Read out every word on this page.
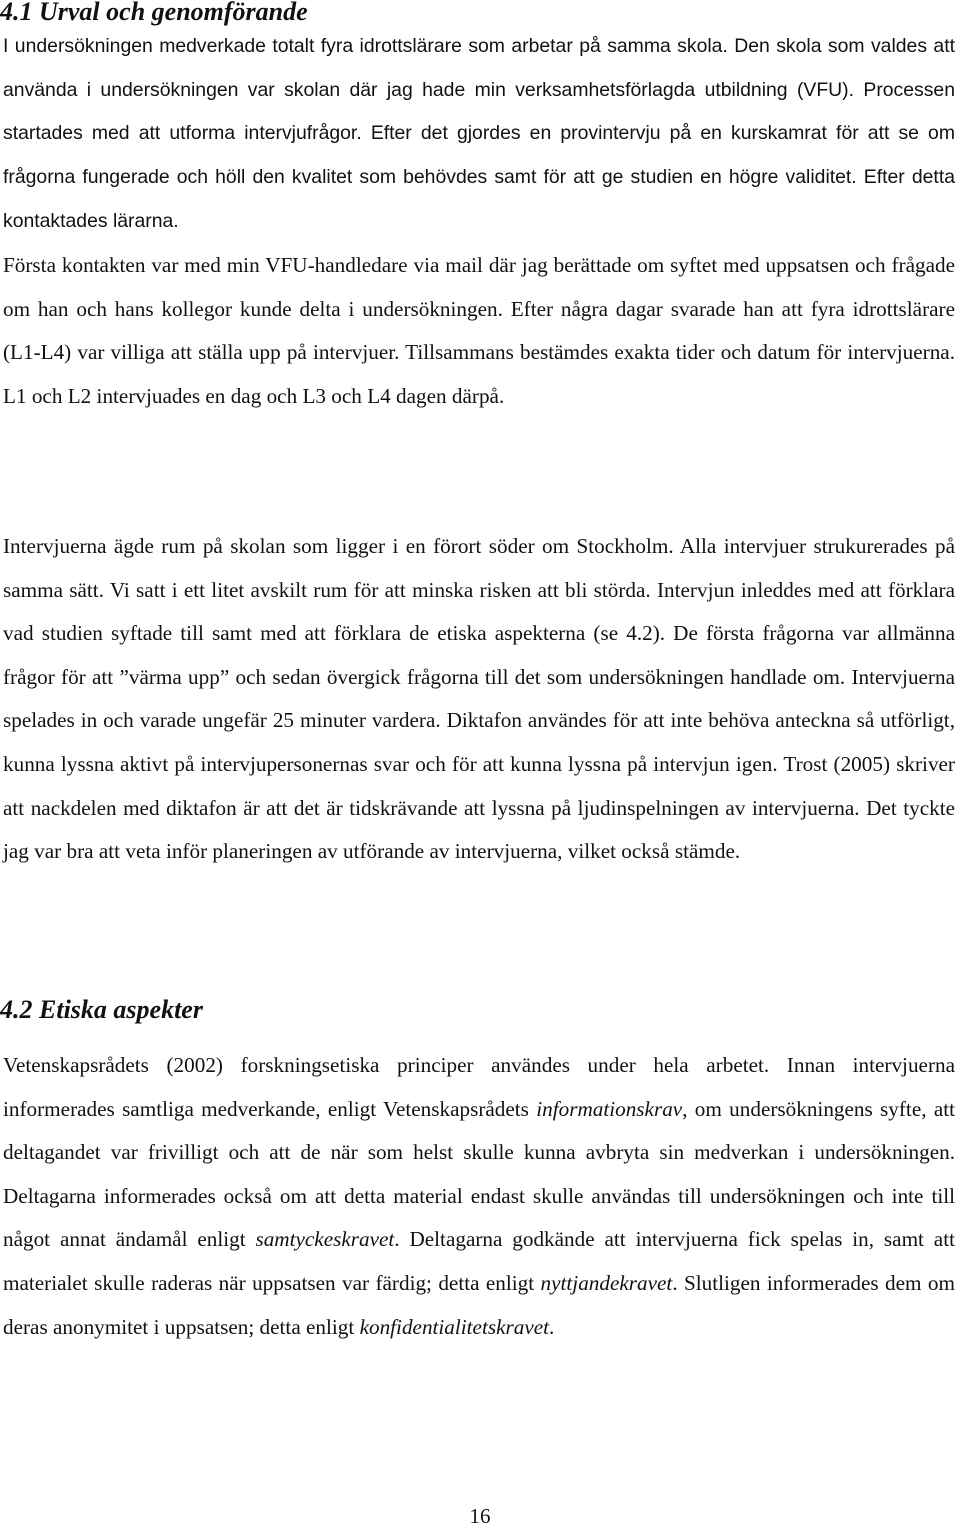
4.1 Urval och genomförande

I undersökningen medverkade totalt fyra idrottslärare som arbetar på samma skola. Den skola som valdes att använda i undersökningen var skolan där jag hade min verksamhetsförlagda utbildning (VFU). Processen startades med att utforma intervjufrågor. Efter det gjordes en provintervju på en kurskamrat för att se om frågorna fungerade och höll den kvalitet som behövdes samt för att ge studien en högre validitet. Efter detta kontaktades lärarna.

Första kontakten var med min VFU-handledare via mail där jag berättade om syftet med uppsatsen och frågade om han och hans kollegor kunde delta i undersökningen. Efter några dagar svarade han att fyra idrottslärare (L1-L4) var villiga att ställa upp på intervjuer. Tillsammans bestämdes exakta tider och datum för intervjuerna. L1 och L2 intervjuades en dag och L3 och L4 dagen därpå.

Intervjuerna ägde rum på skolan som ligger i en förort söder om Stockholm. Alla intervjuer strukurerades på samma sätt. Vi satt i ett litet avskilt rum för att minska risken att bli störda. Intervjun inleddes med att förklara vad studien syftade till samt med att förklara de etiska aspekterna (se 4.2). De första frågorna var allmänna frågor för att ”värma upp” och sedan övergick frågorna till det som undersökningen handlade om. Intervjuerna spelades in och varade ungefär 25 minuter vardera. Diktafon användes för att inte behöva anteckna så utförligt, kunna lyssna aktivt på intervjupersonernas svar och för att kunna lyssna på intervjun igen. Trost (2005) skriver att nackdelen med diktafon är att det är tidskrävande att lyssna på ljudinspelningen av intervjuerna. Det tyckte jag var bra att veta inför planeringen av utförande av intervjuerna, vilket också stämde.

4.2 Etiska aspekter

Vetenskapsrådets (2002) forskningsetiska principer användes under hela arbetet. Innan intervjuerna informerades samtliga medverkande, enligt Vetenskapsrådets informationskrav, om undersökningens syfte, att deltagandet var frivilligt och att de när som helst skulle kunna avbryta sin medverkan i undersökningen. Deltagarna informerades också om att detta material endast skulle användas till undersökningen och inte till något annat ändamål enligt samtyckeskravet. Deltagarna godkände att intervjuerna fick spelas in, samt att materialet skulle raderas när uppsatsen var färdig; detta enligt nyttjandekravet. Slutligen informerades dem om deras anonymitet i uppsatsen; detta enligt konfidentialitetskravet.

16
